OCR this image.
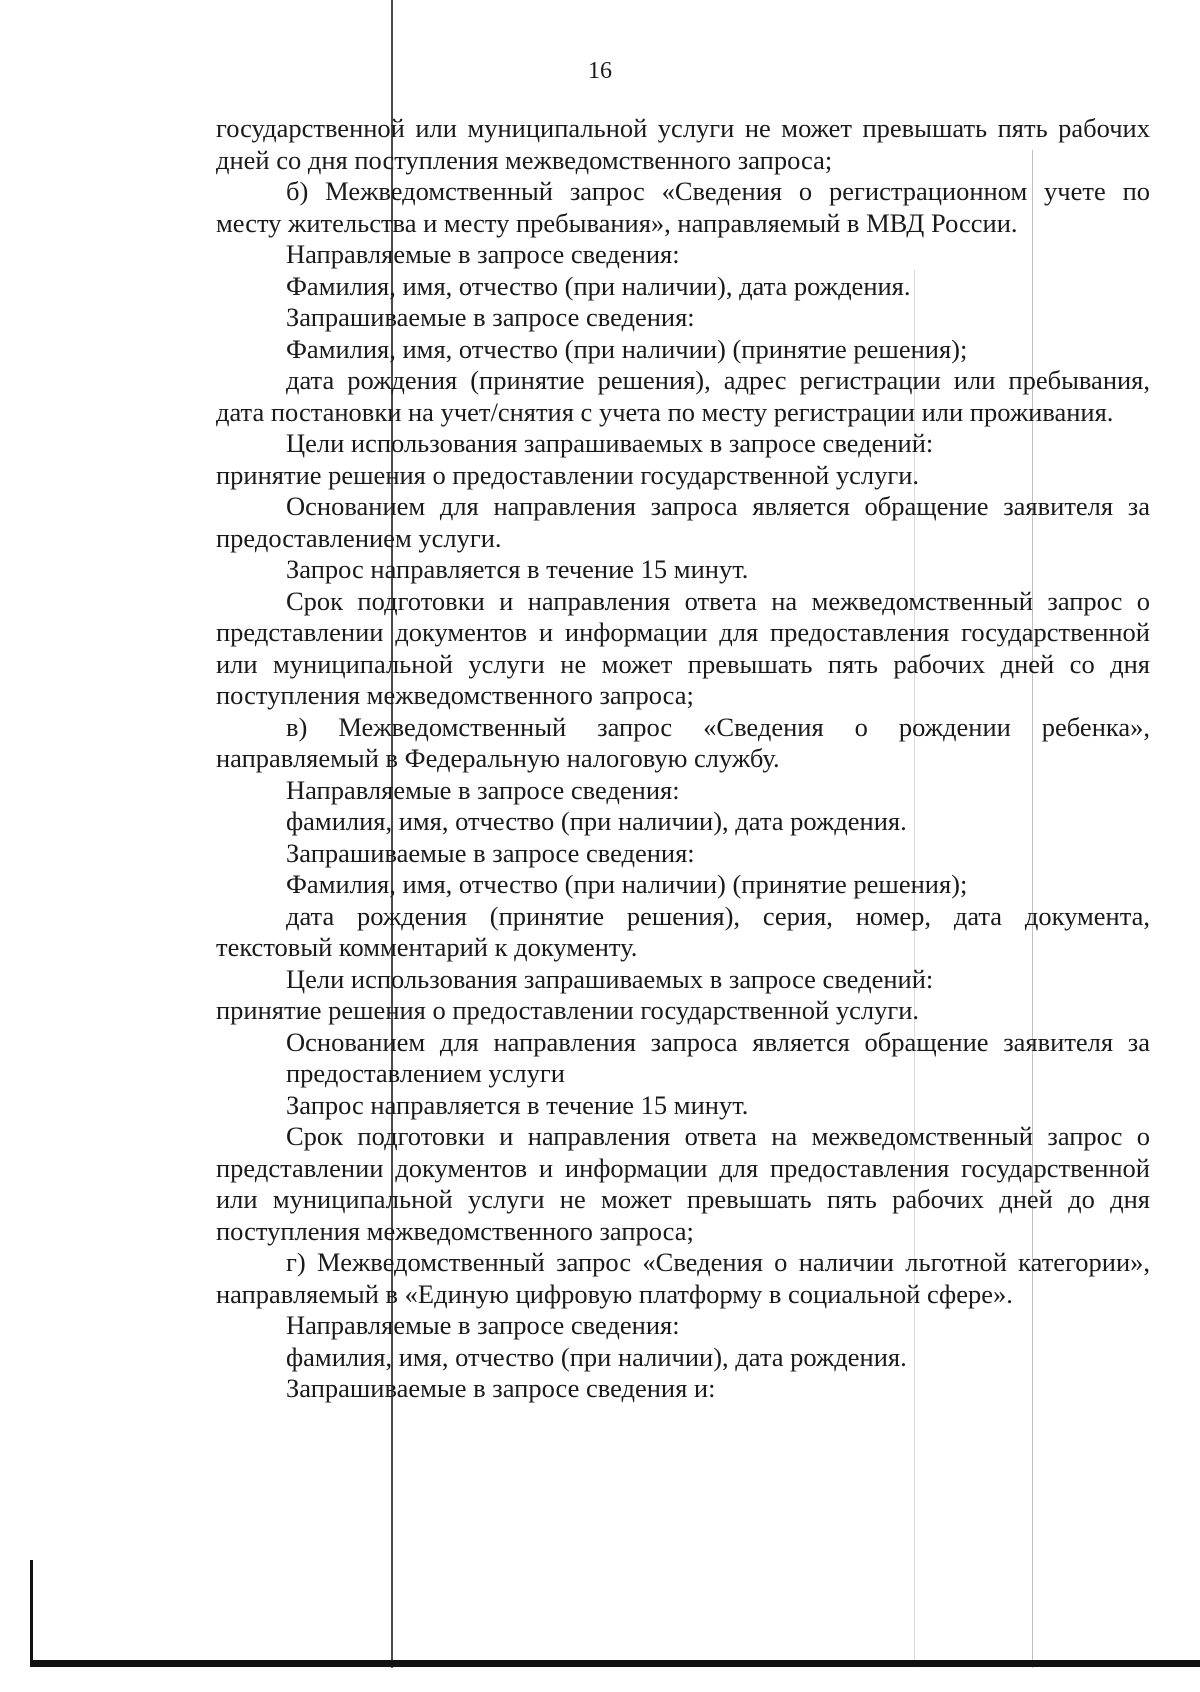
16

государственной или муниципальной услуги не может превышать пять рабочих дней со дня поступления межведомственного запроса;

б) Межведомственный запрос «Сведения о регистрационном учете по месту жительства и месту пребывания», направляемый в МВД России.

Направляемые в запросе сведения:

Фамилия, имя, отчество (при наличии), дата рождения.

Запрашиваемые в запросе сведения:

Фамилия, имя, отчество (при наличии) (принятие решения);

дата рождения (принятие решения), адрес регистрации или пребывания, дата постановки на учет/снятия с учета по месту регистрации или проживания.

Цели использования запрашиваемых в запросе сведений:

принятие решения о предоставлении государственной услуги.

Основанием для направления запроса является обращение заявителя за предоставлением услуги.

Запрос направляется в течение 15 минут.

Срок подготовки и направления ответа на межведомственный запрос о представлении документов и информации для предоставления государственной или муниципальной услуги не может превышать пять рабочих дней со дня поступления межведомственного запроса;

в) Межведомственный запрос «Сведения о рождении ребенка», направляемый в Федеральную налоговую службу.

Направляемые в запросе сведения:

фамилия, имя, отчество (при наличии), дата рождения.

Запрашиваемые в запросе сведения:

Фамилия, имя, отчество (при наличии) (принятие решения);

дата рождения (принятие решения), серия, номер, дата документа, текстовый комментарий к документу.

Цели использования запрашиваемых в запросе сведений:

принятие решения о предоставлении государственной услуги.

Основанием для направления запроса является обращение заявителя за предоставлением услуги

Запрос направляется в течение 15 минут.

Срок подготовки и направления ответа на межведомственный запрос о представлении документов и информации для предоставления государственной или муниципальной услуги не может превышать пять рабочих дней до дня поступления межведомственного запроса;

г) Межведомственный запрос «Сведения о наличии льготной категории», направляемый в «Единую цифровую платформу в социальной сфере».

Направляемые в запросе сведения:

фамилия, имя, отчество (при наличии), дата рождения.

Запрашиваемые в запросе сведения и:
